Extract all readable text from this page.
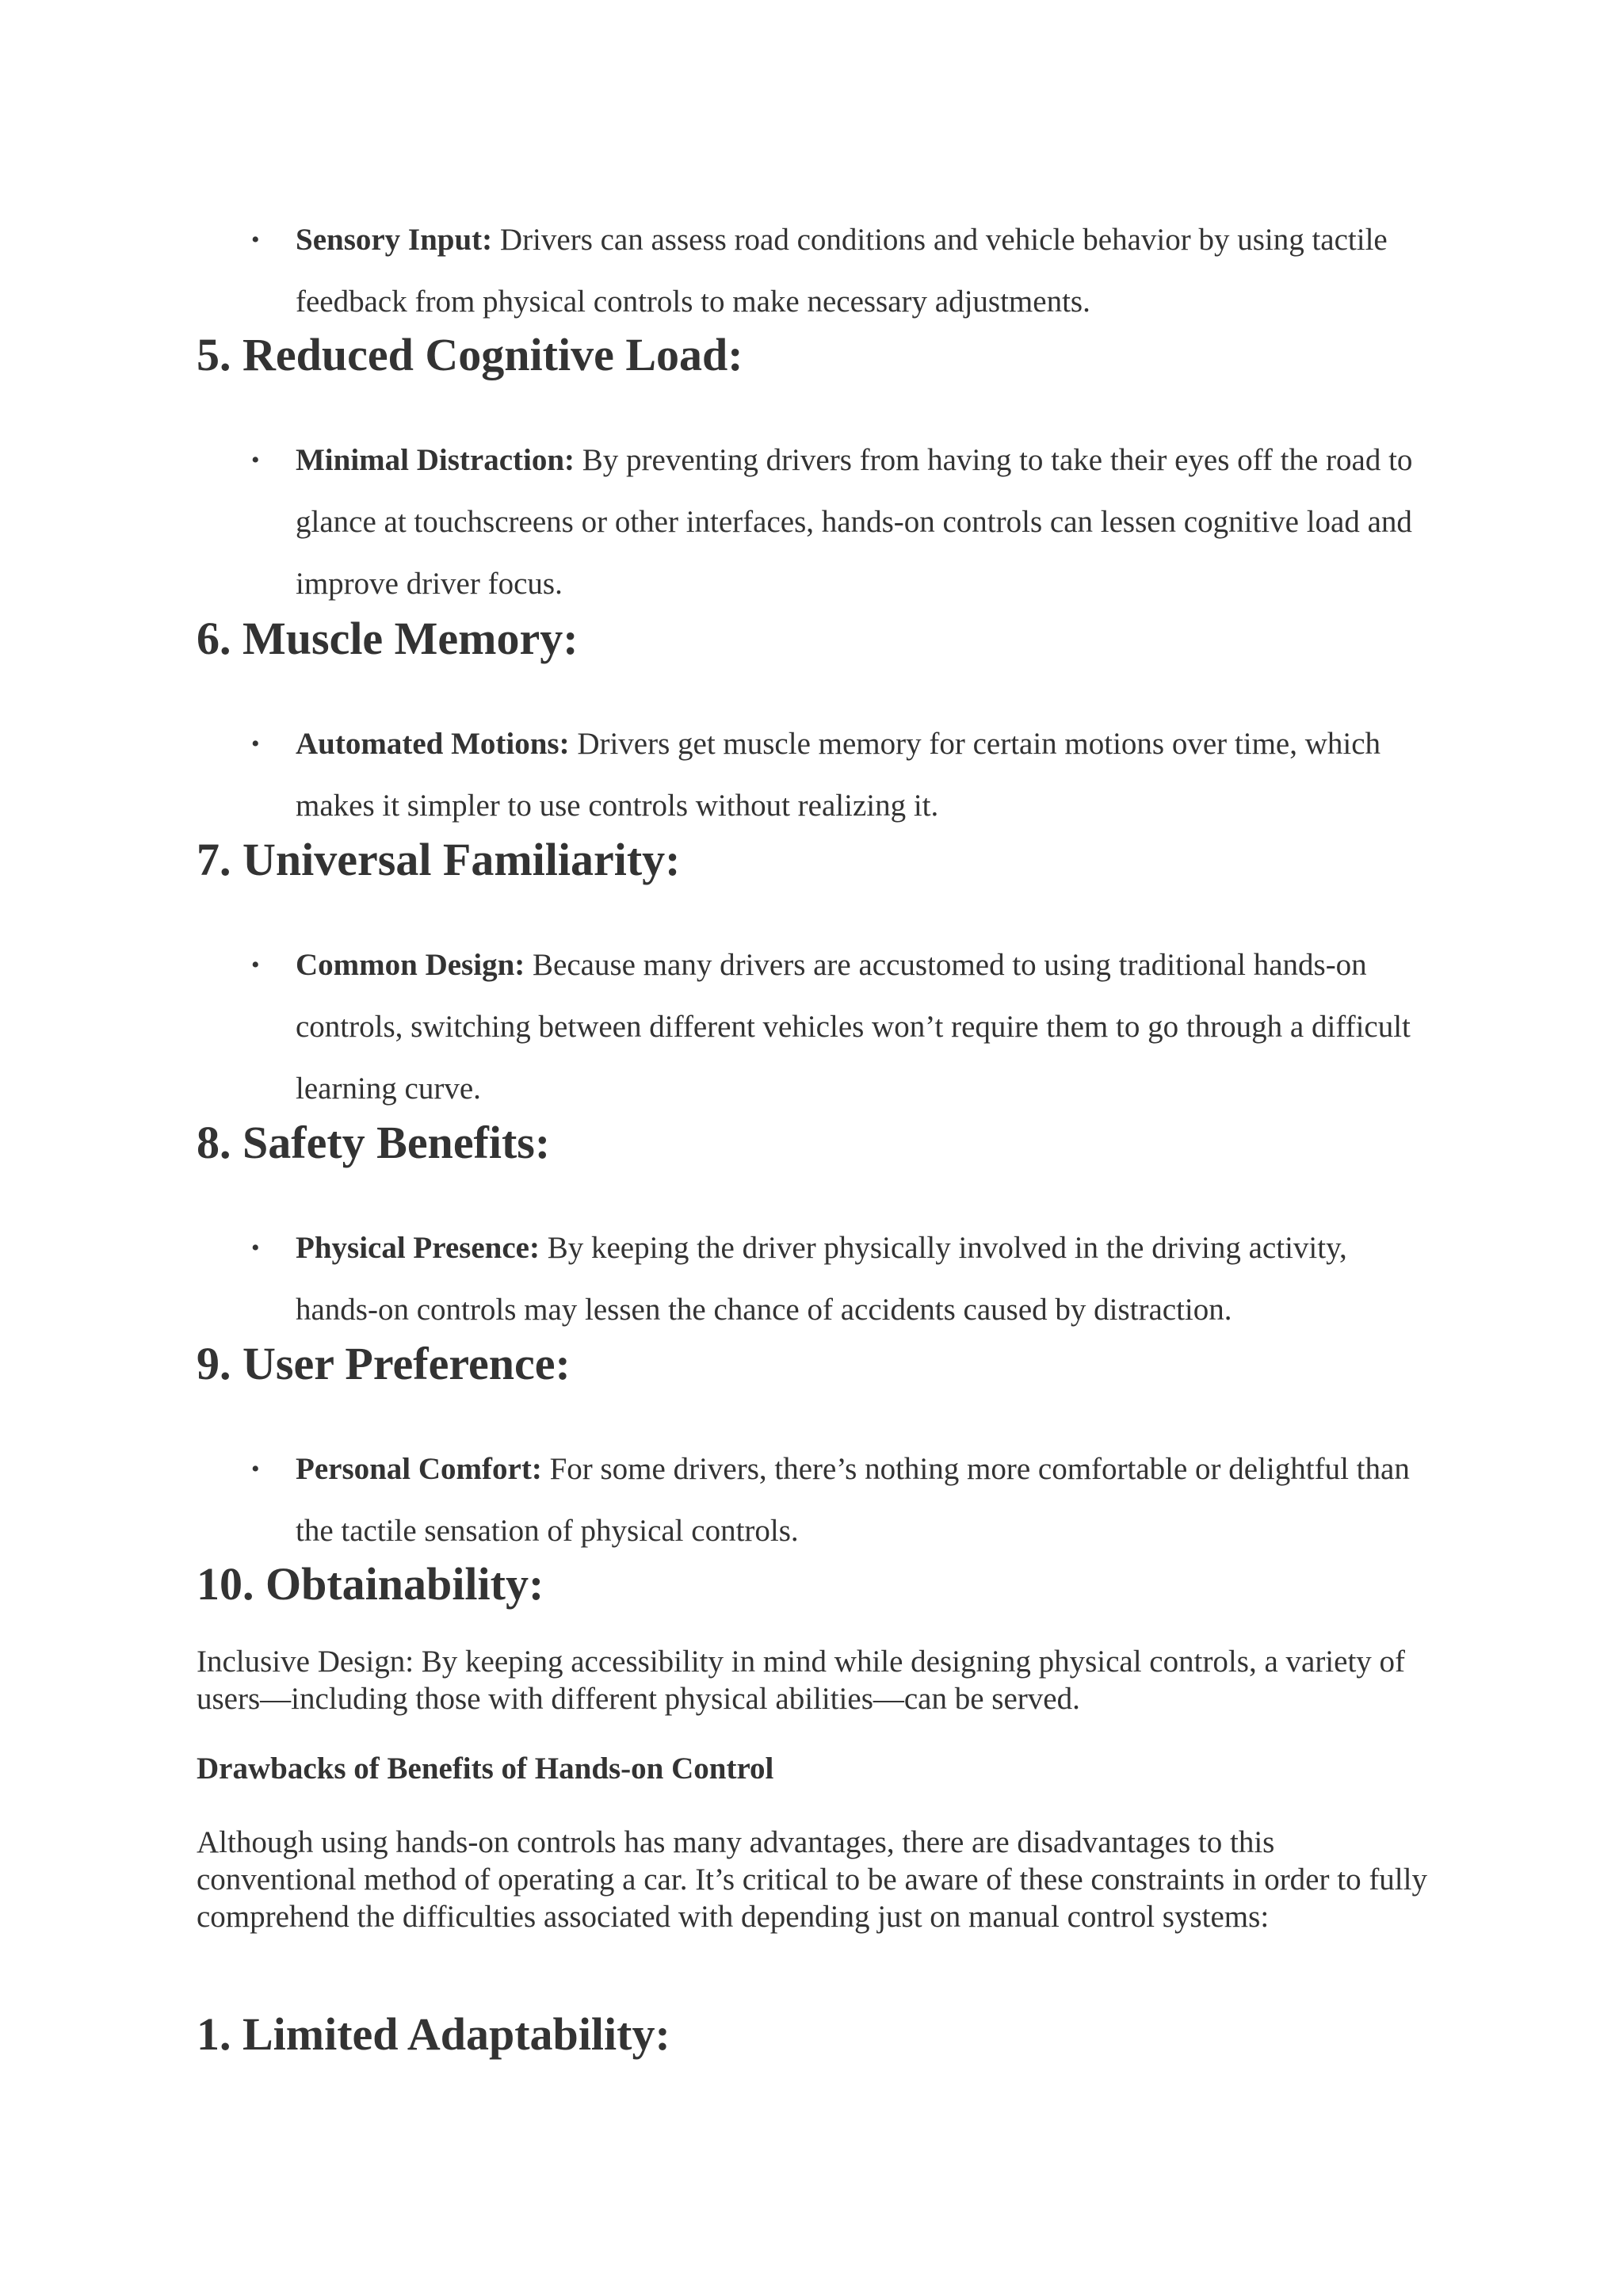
• Sensory Input: Drivers can assess road conditions and vehicle behavior by using tactile feedback from physical controls to make necessary adjustments.
5. Reduced Cognitive Load:
• Minimal Distraction: By preventing drivers from having to take their eyes off the road to glance at touchscreens or other interfaces, hands-on controls can lessen cognitive load and improve driver focus.
6. Muscle Memory:
• Automated Motions: Drivers get muscle memory for certain motions over time, which makes it simpler to use controls without realizing it.
7. Universal Familiarity:
• Common Design: Because many drivers are accustomed to using traditional hands-on controls, switching between different vehicles won’t require them to go through a difficult learning curve.
8. Safety Benefits:
• Physical Presence: By keeping the driver physically involved in the driving activity, hands-on controls may lessen the chance of accidents caused by distraction.
9. User Preference:
• Personal Comfort: For some drivers, there’s nothing more comfortable or delightful than the tactile sensation of physical controls.
10. Obtainability:

Inclusive Design: By keeping accessibility in mind while designing physical controls, a variety of users—including those with different physical abilities—can be served.

Drawbacks of Benefits of Hands-on Control

Although using hands-on controls has many advantages, there are disadvantages to this conventional method of operating a car. It’s critical to be aware of these constraints in order to fully comprehend the difficulties associated with depending just on manual control systems:

1. Limited Adaptability:
